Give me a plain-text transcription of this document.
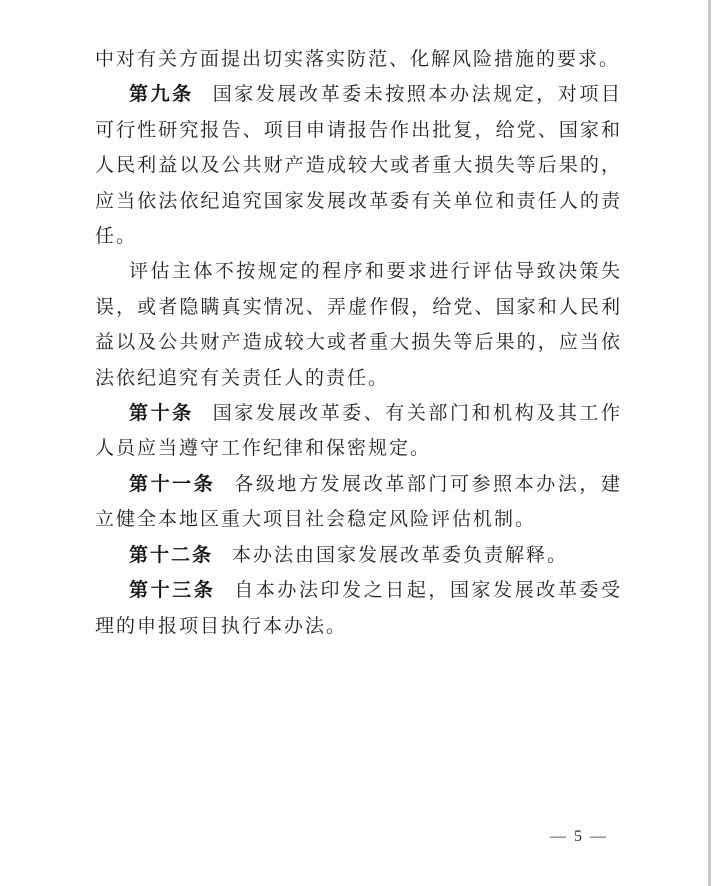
中对有关方面提出切实落实防范、化解风险措施的要求。
第九条 国家发展改革委未按照本办法规定，对项目可行性研究报告、项目申请报告作出批复，给党、国家和人民利益以及公共财产造成较大或者重大损失等后果的，应当依法依纪追究国家发展改革委有关单位和责任人的责任。
评估主体不按规定的程序和要求进行评估导致决策失误，或者隐瞒真实情况、弄虚作假，给党、国家和人民利益以及公共财产造成较大或者重大损失等后果的，应当依法依纪追究有关责任人的责任。
第十条 国家发展改革委、有关部门和机构及其工作人员应当遵守工作纪律和保密规定。
第十一条 各级地方发展改革部门可参照本办法，建立健全本地区重大项目社会稳定风险评估机制。
第十二条 本办法由国家发展改革委负责解释。
第十三条 自本办法印发之日起，国家发展改革委受理的申报项目执行本办法。
— 5 —
